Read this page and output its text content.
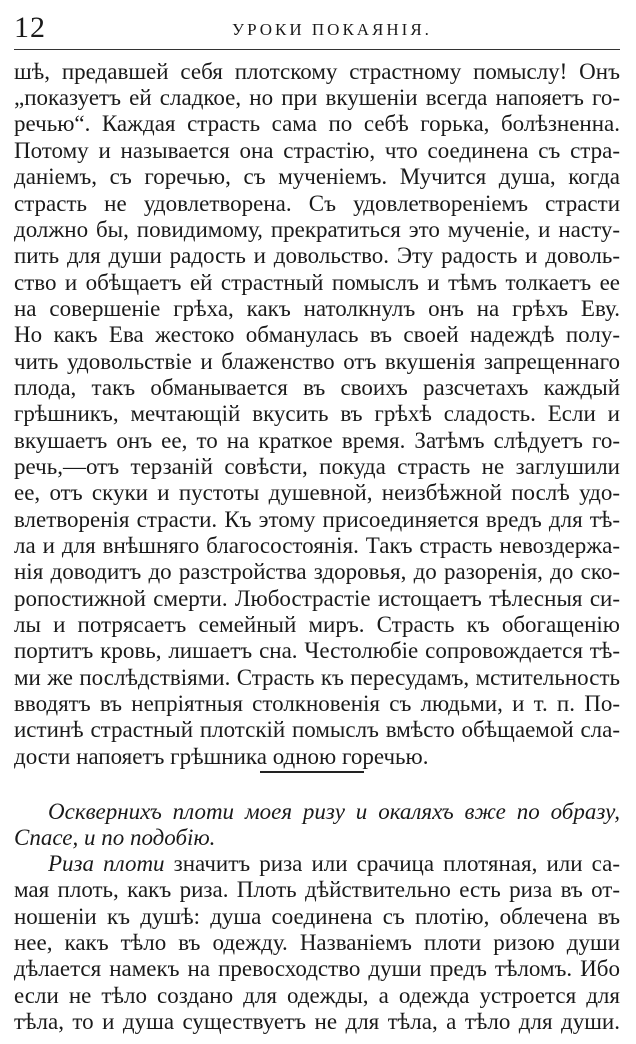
12	УРОКИ ПОКАЯНІЯ.
шѣ, предавшей себя плотскому страстному помыслу! Онъ
„показуетъ ей сладкое, но при вкушеніи всегда напояетъ го-
речью“. Каждая страсть сама по себѣ горька, болѣзненна.
Потому и называется она страстію, что соединена съ стра-
даніемъ, съ горечью, съ мученіемъ. Мучится душа, когда
страсть не удовлетворена. Съ удовлетвореніемъ страсти
должно бы, повидимому, прекратиться это мученіе, и насту-
пить для души радость и довольство. Эту радость и доволь-
ство и обѣщаетъ ей страстный помыслъ и тѣмъ толкаетъ ее
на совершеніе грѣха, какъ натолкнулъ онъ на грѣхъ Еву.
Но какъ Ева жестоко обманулась въ своей надеждѣ полу-
чить удовольствіе и блаженство отъ вкушенія запрещеннаго
плода, такъ обманывается въ своихъ разсчетахъ каждый
грѣшникъ, мечтающій вкусить въ грѣхѣ сладость. Если и
вкушаетъ онъ ее, то на краткое время. Затѣмъ слѣдуетъ го-
речь,—отъ терзаній совѣсти, покуда страсть не заглушили
ее, отъ скуки и пустоты душевной, неизбѣжной послѣ удо-
влетворенія страсти. Къ этому присоединяется вредъ для тѣ-
ла и для внѣшняго благосостоянія. Такъ страсть невоздержа-
нія доводитъ до разстройства здоровья, до разоренія, до ско-
ропостижной смерти. Любострастіе истощаетъ тѣлесныя си-
лы и потрясаетъ семейный миръ. Страсть къ обогащенію
портитъ кровь, лишаетъ сна. Честолюбіе сопровождается тѣ-
ми же послѣдствіями. Страсть къ пересудамъ, мстительность
вводятъ въ непріятныя столкновенія съ людьми, и т. п. По-
истинѣ страстный плотскій помыслъ вмѣсто обѣщаемой сла-
дости напояетъ грѣшника одною горечью.
Осквернихъ плоти моея ризу и окаляхъ вже по образу,
Спасе, и по подобію.
Риза плоти значитъ риза или срачица плотяная, или са-
мая плоть, какъ риза. Плоть дѣйствительно есть риза въ от-
ношеніи къ душѣ: душа соединена съ плотію, облечена въ
нее, какъ тѣло въ одежду. Названіемъ плоти ризою души
дѣлается намекъ на превосходство души предъ тѣломъ. Ибо
если не тѣло создано для одежды, а одежда устроется для
тѣла, то и душа существуетъ не для тѣла, а тѣло для души.
